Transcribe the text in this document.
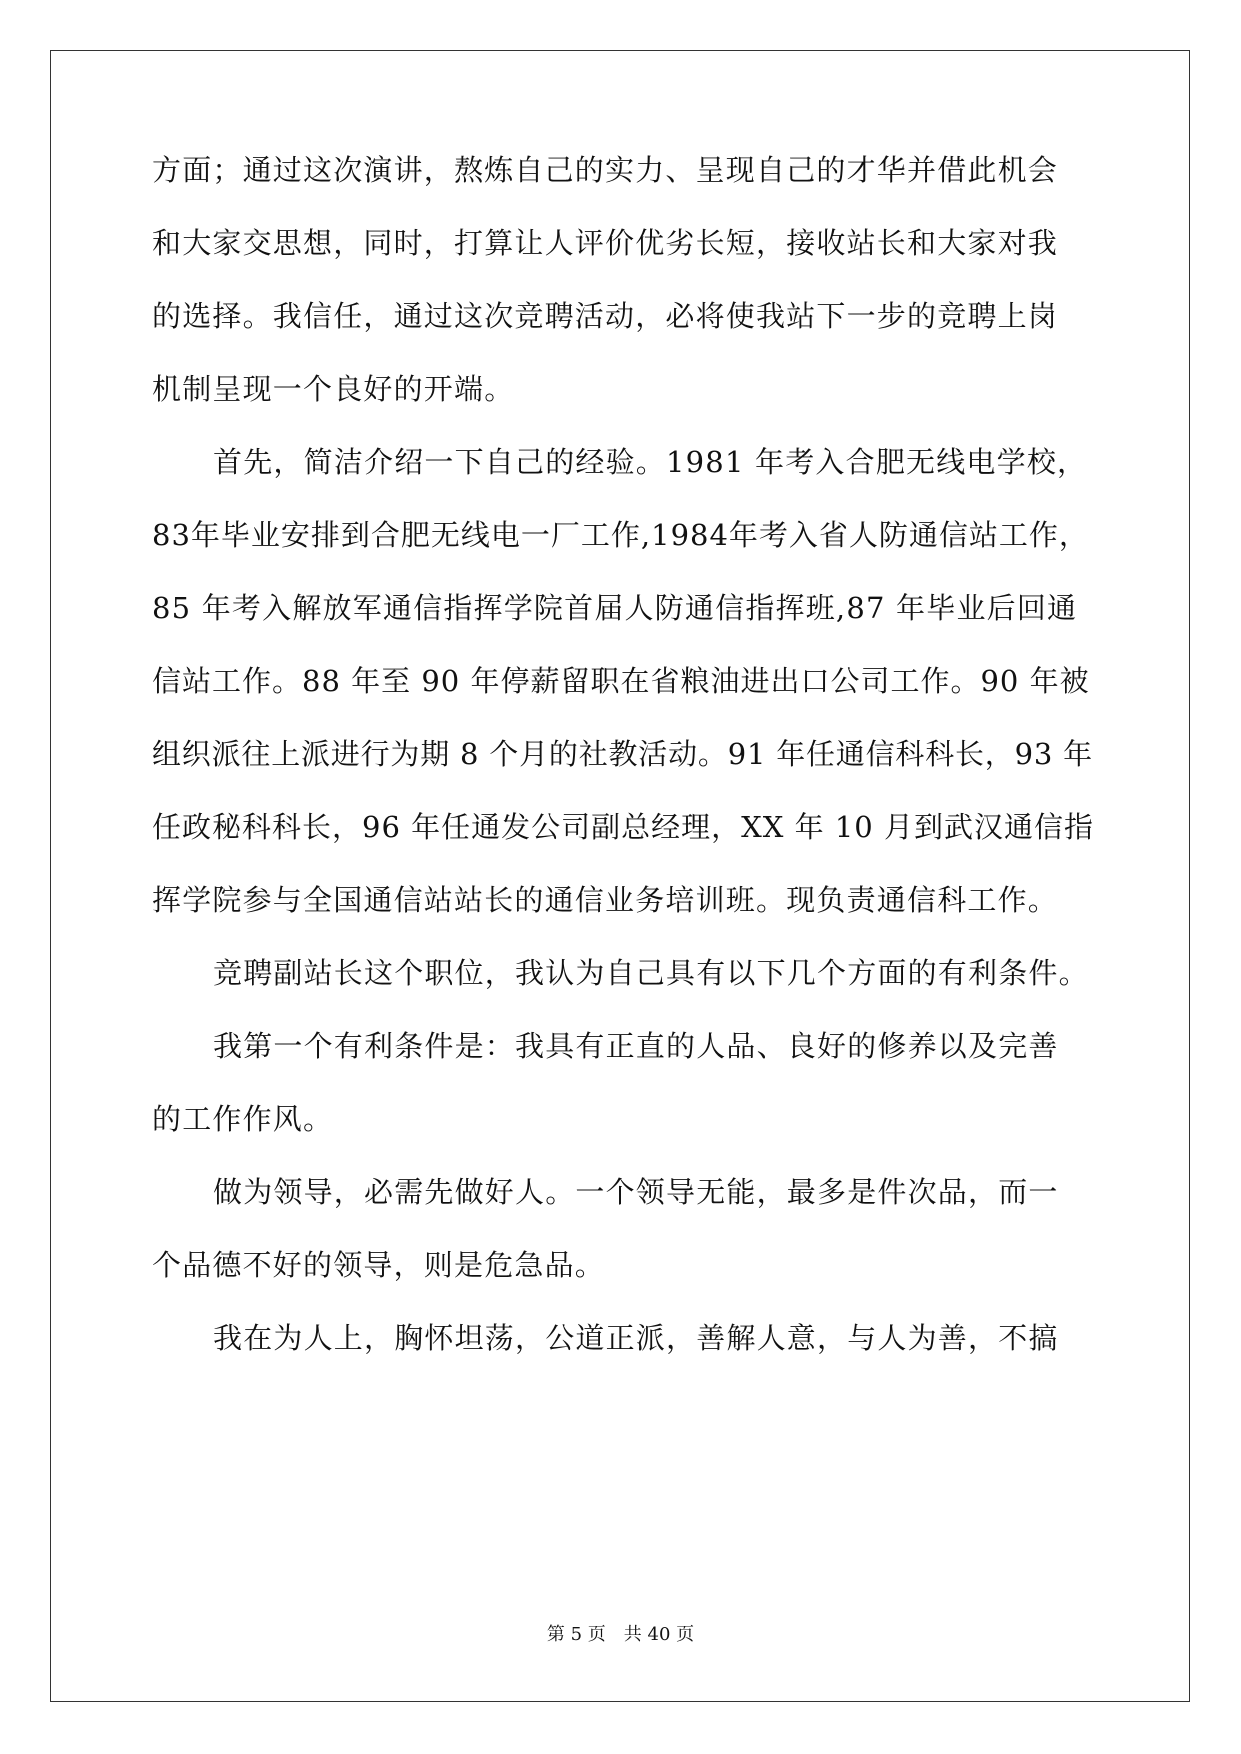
方面；通过这次演讲，熬炼自己的实力、呈现自己的才华并借此机会
和大家交思想，同时，打算让人评价优劣长短，接收站长和大家对我
的选择。我信任，通过这次竞聘活动，必将使我站下一步的竞聘上岗
机制呈现一个良好的开端。
首先，简洁介绍一下自己的经验。1981 年考入合肥无线电学校，
83年毕业安排到合肥无线电一厂工作,1984年考入省人防通信站工作，
85 年考入解放军通信指挥学院首届人防通信指挥班,87 年毕业后回通
信站工作。88 年至 90 年停薪留职在省粮油进出口公司工作。90 年被
组织派往上派进行为期 8 个月的社教活动。91 年任通信科科长，93 年
任政秘科科长，96 年任通发公司副总经理，XX 年 10 月到武汉通信指
挥学院参与全国通信站站长的通信业务培训班。现负责通信科工作。
竞聘副站长这个职位，我认为自己具有以下几个方面的有利条件。
我第一个有利条件是：我具有正直的人品、良好的修养以及完善
的工作作风。
做为领导，必需先做好人。一个领导无能，最多是件次品，而一
个品德不好的领导，则是危急品。
我在为人上，胸怀坦荡，公道正派，善解人意，与人为善，不搞
第 5 页 共 40 页
